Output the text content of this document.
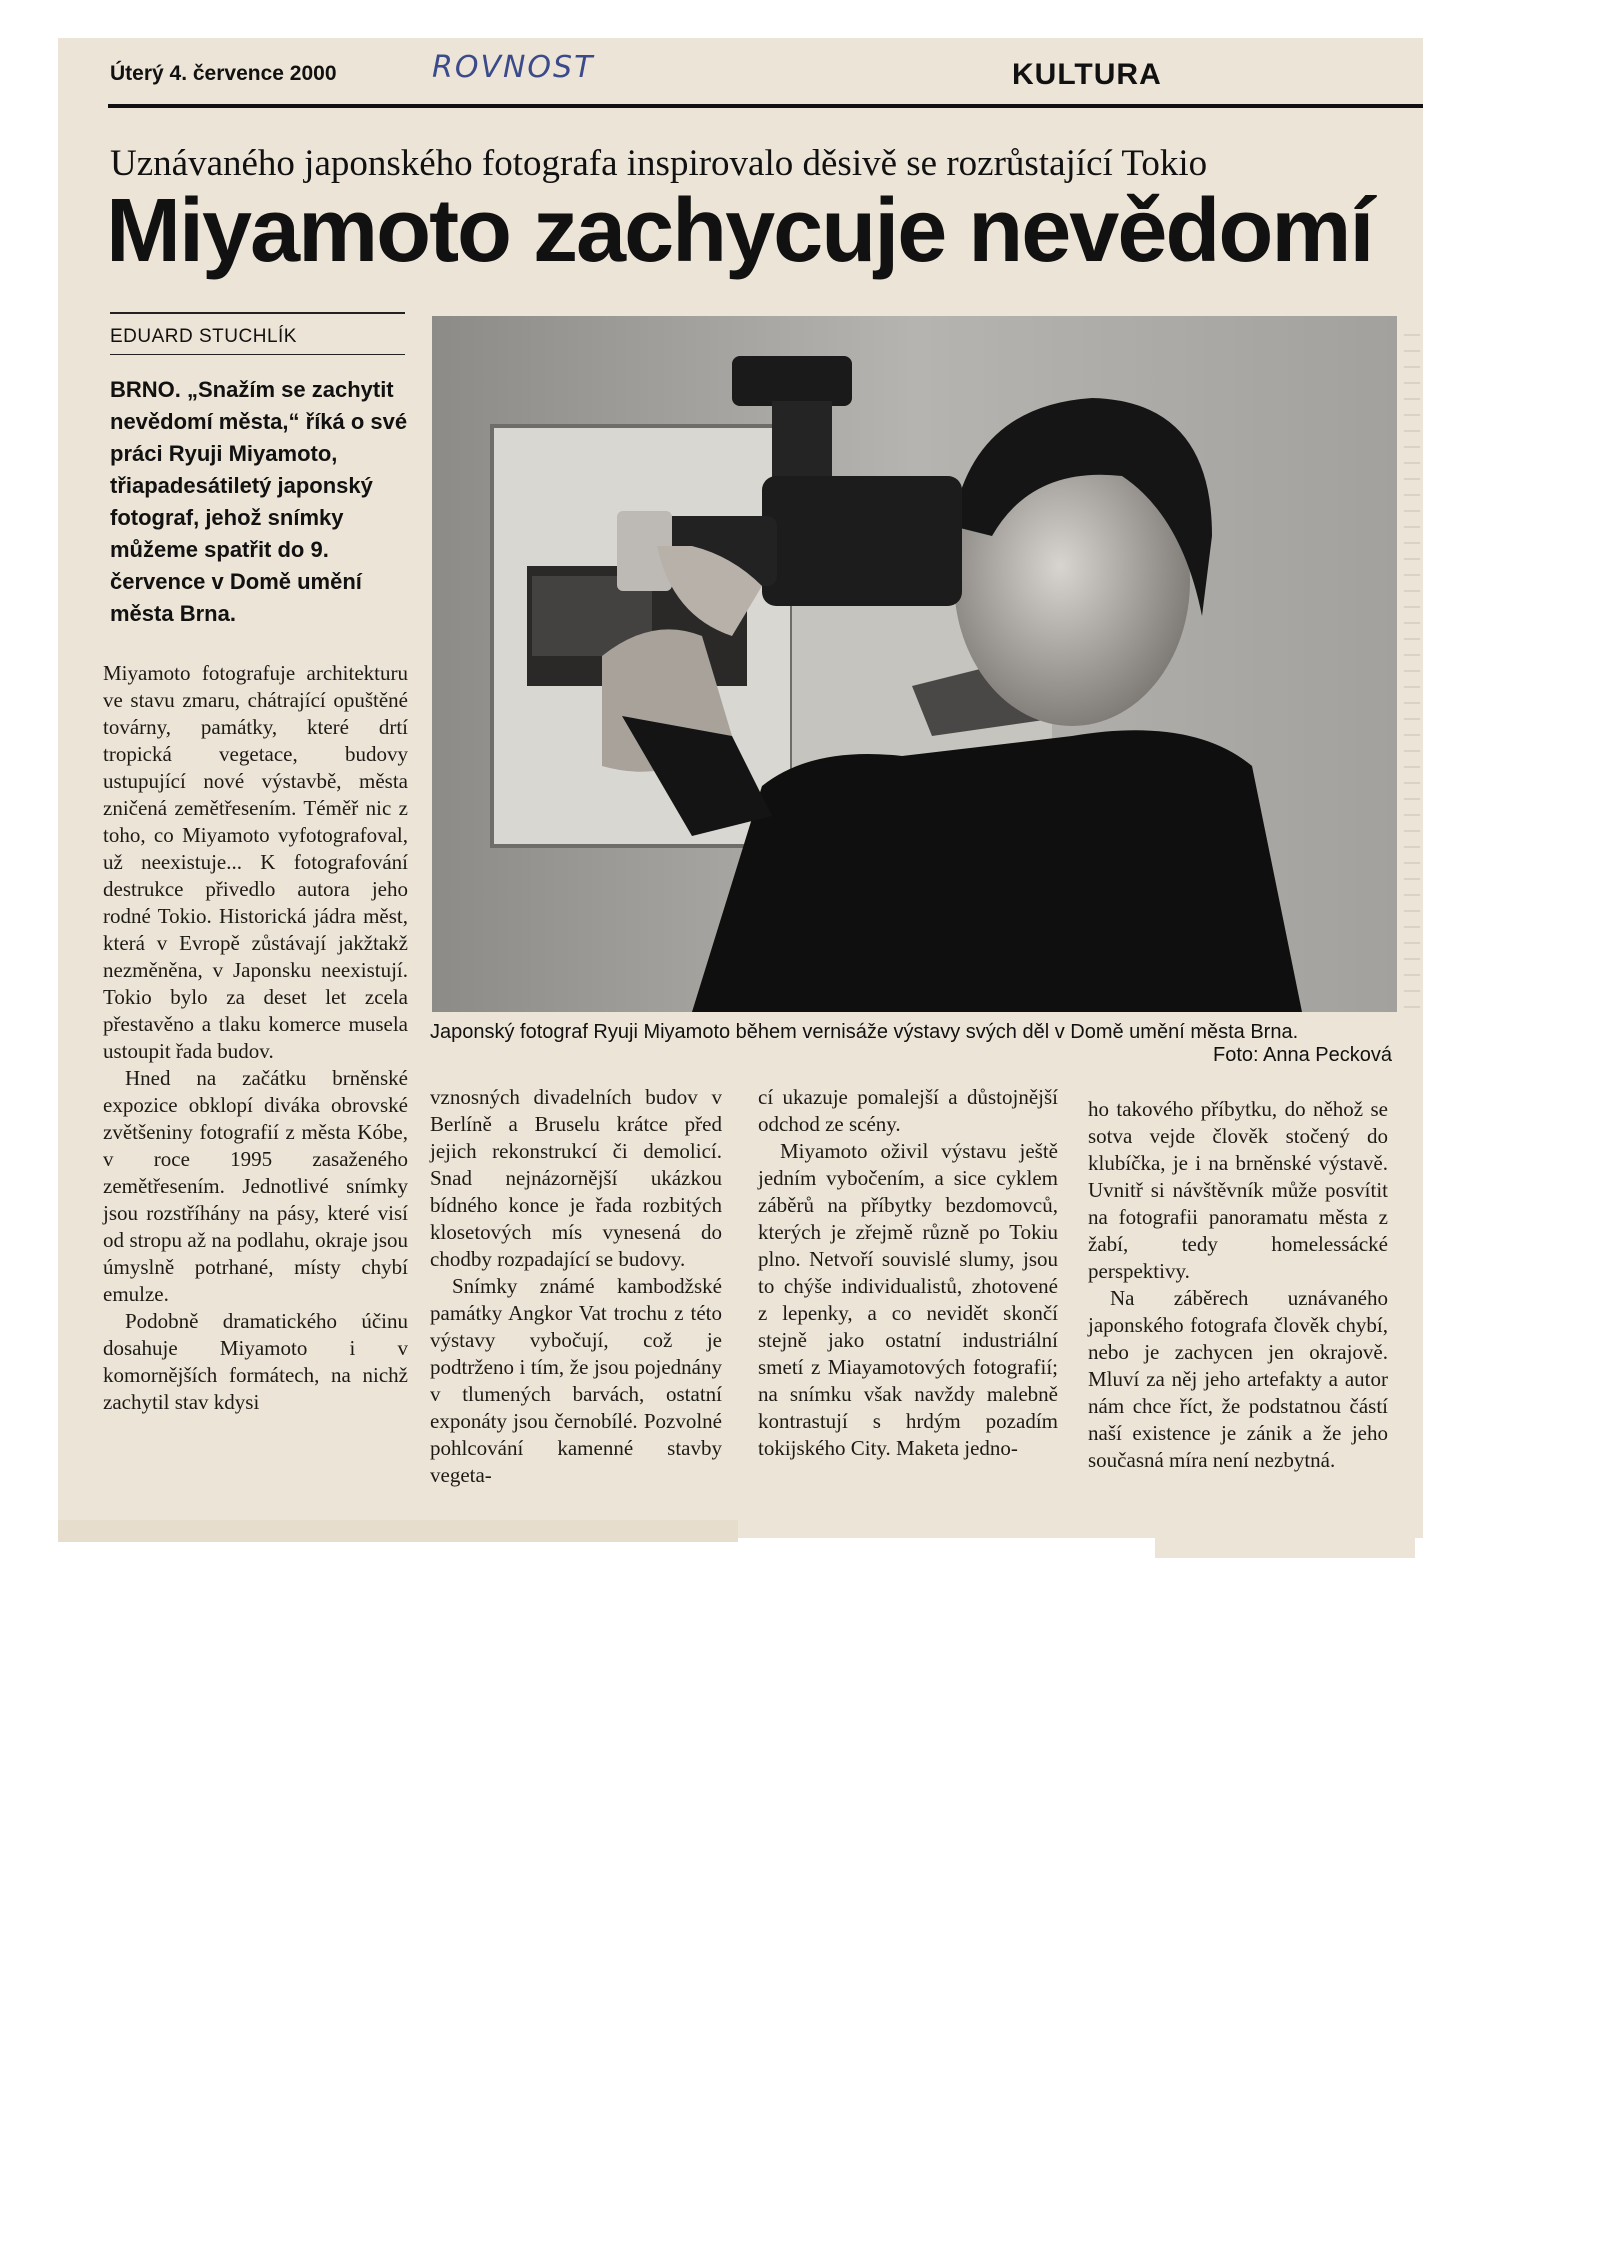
Úterý 4. července 2000	ROVNOST	KULTURA
Uznávaného japonského fotografa inspirovalo děsivě se rozrůstající Tokio
Miyamoto zachycuje nevědomí
EDUARD STUCHLÍK
BRNO. „Snažím se zachytit nevědomí města,“ říká o své práci Ryuji Miyamoto, třiapadesátiletý japonský fotograf, jehož snímky můžeme spatřit do 9. července v Domě umění města Brna.

Miyamoto fotografuje architekturu ve stavu zmaru, chátrající opuštěné továrny, památky, které drtí tropická vegetace, budovy ustupující nové výstavbě, města zničená zemětřesením. Téměř nic z toho, co Miyamoto vyfotografoval, už neexistuje... K fotografování destrukce přivedlo autora jeho rodné Tokio. Historická jádra měst, která v Evropě zůstávají jakžtakž nezměněna, v Japonsku neexistují. Tokio bylo za deset let zcela přestavěno a tlaku komerce musela ustoupit řada budov.

Hned na začátku brněnské expozice obklopí diváka obrovské zvětšeniny fotografií z města Kóbe, v roce 1995 zasaženého zemětřesením. Jednotlivé snímky jsou rozstříhány na pásy, které visí od stropu až na podlahu, okraje jsou úmyslně potrhané, místy chybí emulze.

Podobně dramatického účinu dosahuje Miyamoto i v komornějších formátech, na nichž zachytil stav kdysi

Japonský fotograf Ryuji Miyamoto během vernisáže výstavy svých děl v Domě umění města Brna.
Foto: Anna Pecková

vznosných divadelních budov v Berlíně a Bruselu krátce před jejich rekonstrukcí či demolicí. Snad nejnázornější ukázkou bídného konce je řada rozbitých klosetových mís vynesená do chodby rozpadající se budovy.

Snímky známé kambodžské památky Angkor Vat trochu z této výstavy vybočují, což je podtrženo i tím, že jsou pojednány v tlumených barvách, ostatní exponáty jsou černobílé. Pozvolné pohlcování kamenné stavby vegeta-

cí ukazuje pomalejší a důstojnější odchod ze scény.

Miyamoto oživil výstavu ještě jedním vybočením, a sice cyklem záběrů na příbytky bezdomovců, kterých je zřejmě různě po Tokiu plno. Netvoří souvislé slumy, jsou to chýše individualistů, zhotovené z lepenky, a co nevidět skončí stejně jako ostatní industriální smetí z Miayamotových fotografií; na snímku však navždy malebně kontrastují s hrdým pozadím tokijského City. Maketa jedno-

ho takového příbytku, do něhož se sotva vejde člověk stočený do klubíčka, je i na brněnské výstavě. Uvnitř si návštěvník může posvítit na fotografii panoramatu města z žabí, tedy homelessácké perspektivy.

Na záběrech uznávaného japonského fotografa člověk chybí, nebo je zachycen jen okrajově. Mluví za něj jeho artefakty a autor nám chce říct, že podstatnou částí naší existence je zánik a že jeho současná míra není nezbytná.
